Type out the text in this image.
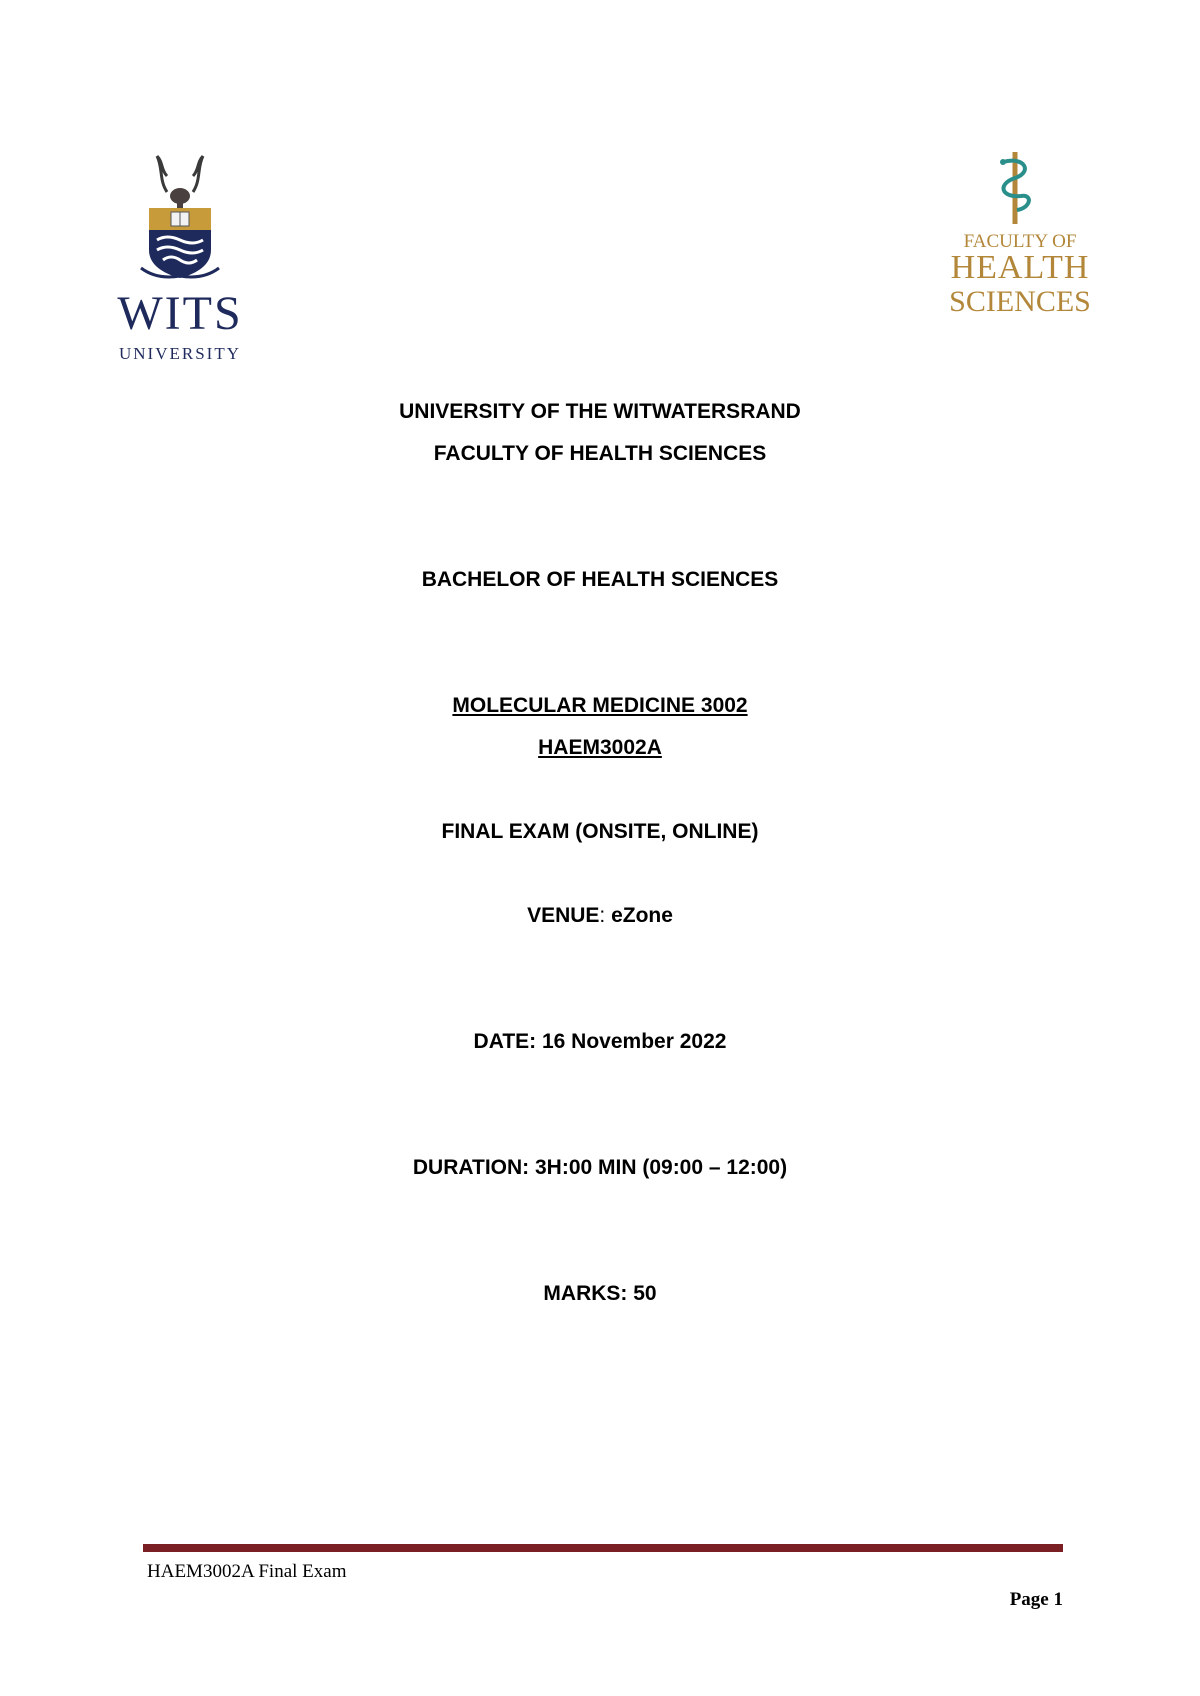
WITS
UNIVERSITY
FACULTY OF
HEALTH
SCIENCES
UNIVERSITY OF THE WITWATERSRAND
FACULTY OF HEALTH SCIENCES
BACHELOR OF HEALTH SCIENCES
MOLECULAR MEDICINE 3002
HAEM3002A
FINAL EXAM (ONSITE, ONLINE)
VENUE: eZone
DATE: 16 November 2022
DURATION: 3H:00 MIN (09:00 – 12:00)
MARKS: 50
HAEM3002A Final Exam
Page 1
